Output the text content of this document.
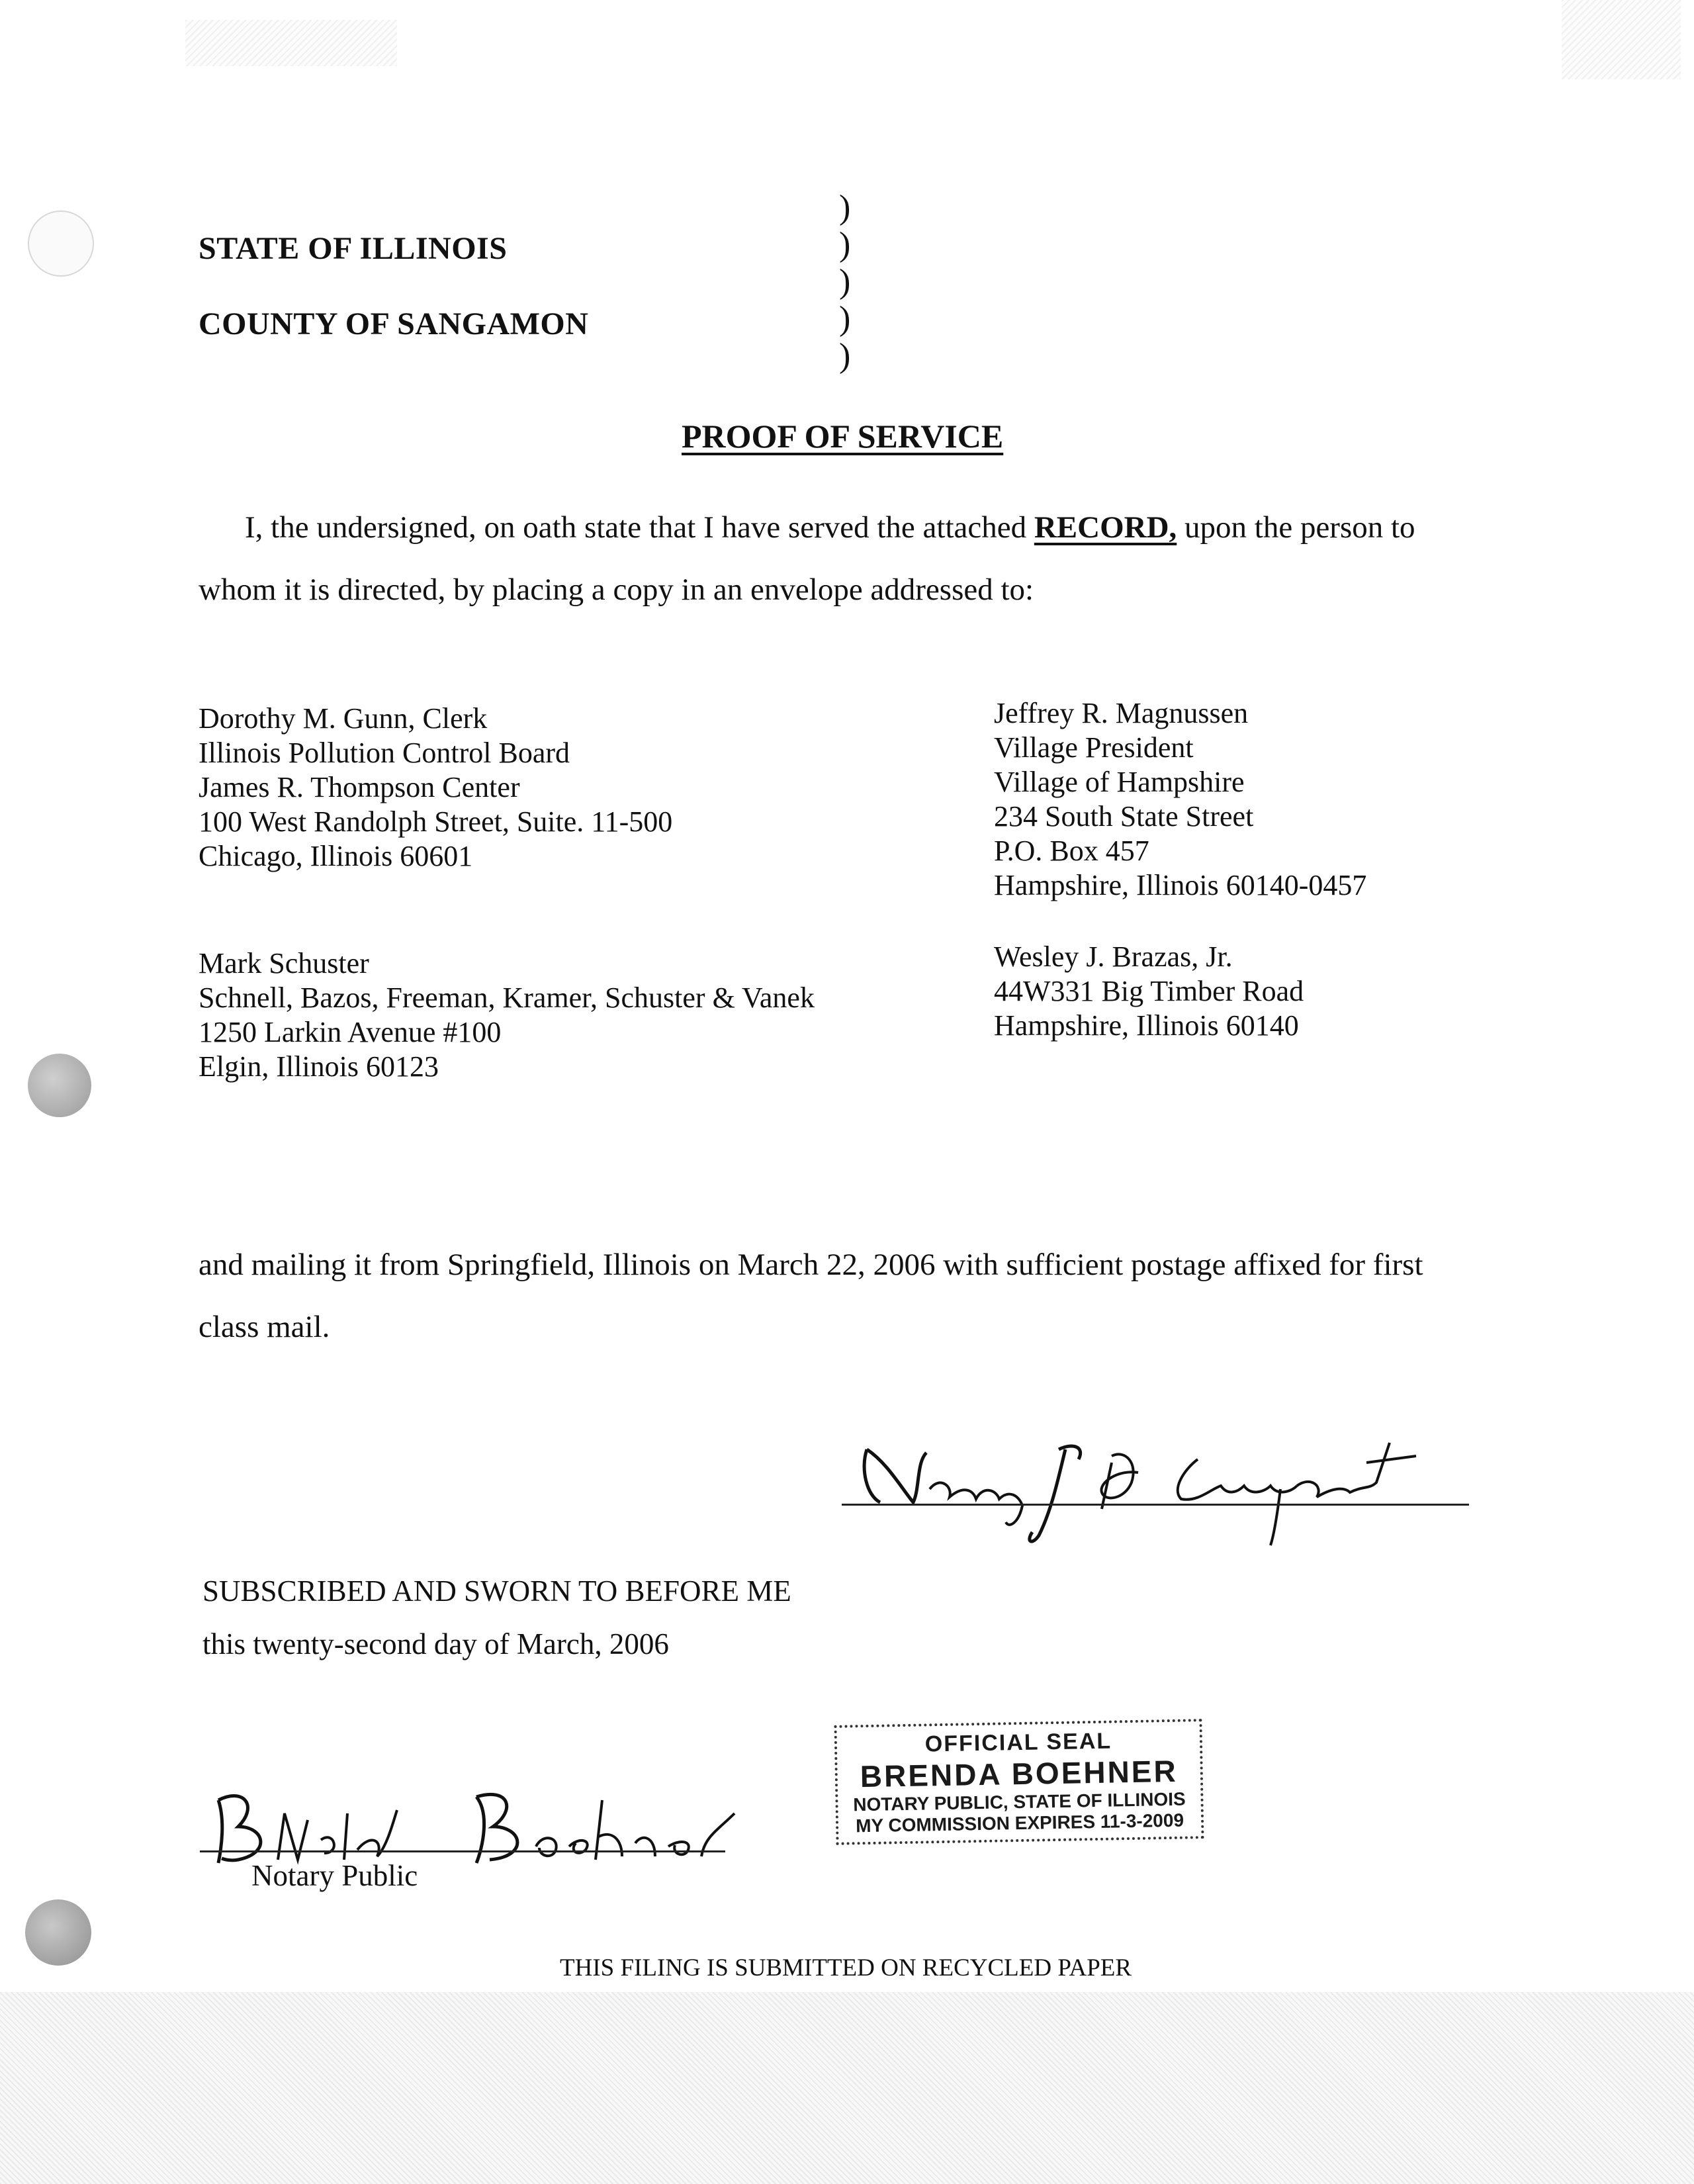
STATE OF ILLINOIS
COUNTY OF SANGAMON
)
)
)
)
)
PROOF OF SERVICE
I, the undersigned, on oath state that I have served the attached RECORD, upon the person to whom it is directed, by placing a copy in an envelope addressed to:
Dorothy M. Gunn, Clerk
Illinois Pollution Control Board
James R. Thompson Center
100 West Randolph Street, Suite. 11-500
Chicago, Illinois 60601
Jeffrey R. Magnussen
Village President
Village of Hampshire
234 South State Street
P.O. Box 457
Hampshire, Illinois 60140-0457
Mark Schuster
Schnell, Bazos, Freeman, Kramer, Schuster & Vanek
1250 Larkin Avenue #100
Elgin, Illinois 60123
Wesley J. Brazas, Jr.
44W331 Big Timber Road
Hampshire, Illinois 60140
and mailing it from Springfield, Illinois on March 22, 2006 with sufficient postage affixed for first class mail.
SUBSCRIBED AND SWORN TO BEFORE ME
this twenty-second day of March, 2006
Notary Public
OFFICIAL SEAL
BRENDA BOEHNER
NOTARY PUBLIC, STATE OF ILLINOIS
MY COMMISSION EXPIRES 11-3-2009
THIS FILING IS SUBMITTED ON RECYCLED PAPER
